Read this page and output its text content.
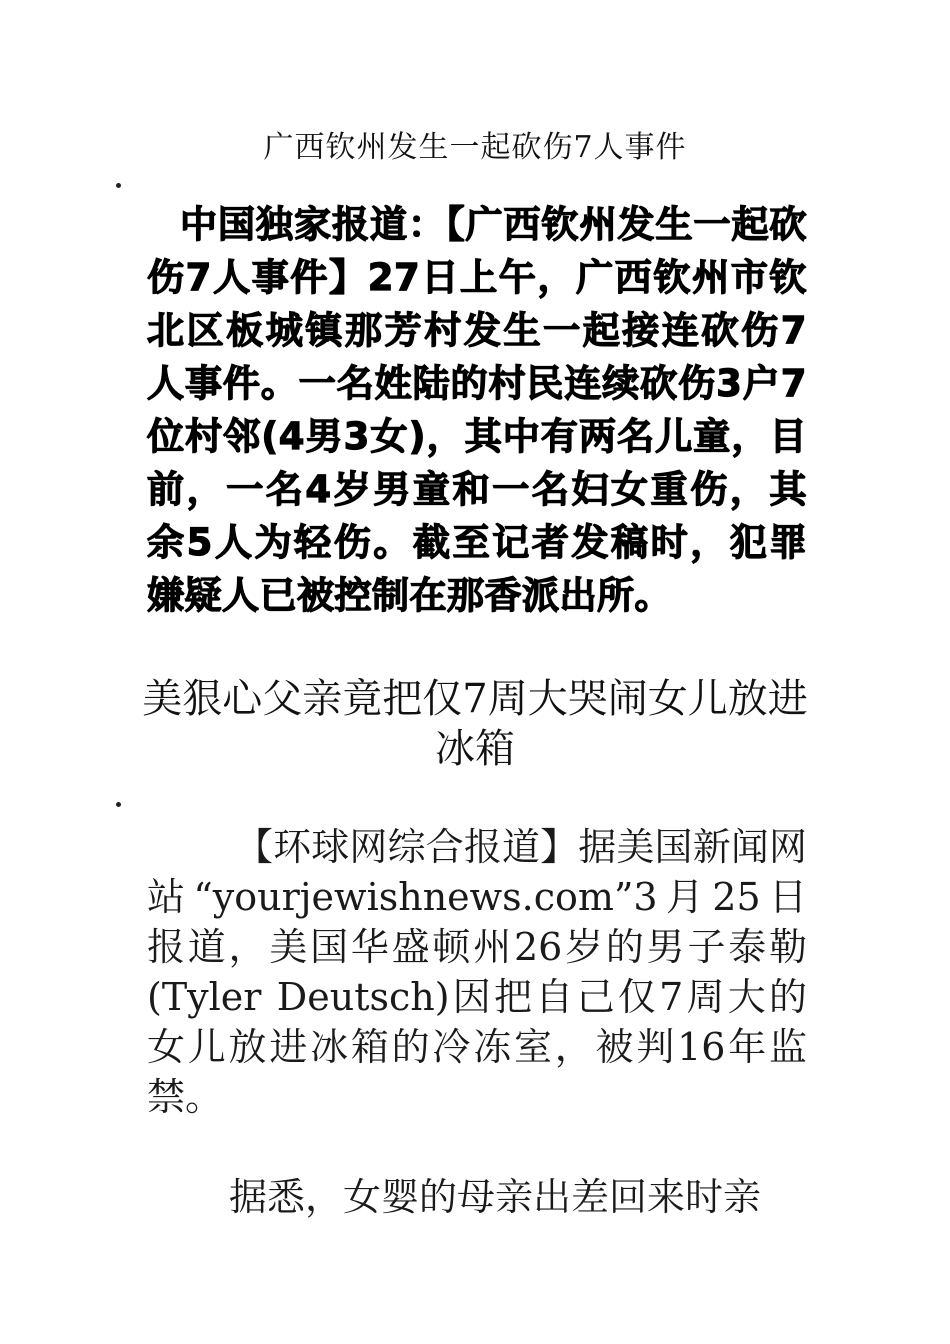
广西钦州发生一起砍伤7人事件
中国独家报道：【广西钦州发生一起砍伤7人事件】27日上午，广西钦州市钦北区板城镇那芳村发生一起接连砍伤7人事件。一名姓陆的村民连续砍伤3户7位村邻(4男3女)，其中有两名儿童，目前，一名4岁男童和一名妇女重伤，其余5人为轻伤。截至记者发稿时，犯罪嫌疑人已被控制在那香派出所。
美狠心父亲竟把仅7周大哭闹女儿放进冰箱
【环球网综合报道】据美国新闻网站“yourjewishnews.com”3月25日报道，美国华盛顿州26岁的男子泰勒(Tyler Deutsch)因把自己仅7周大的女儿放进冰箱的冷冻室，被判16年监禁。
据悉，女婴的母亲出差回来时亲
